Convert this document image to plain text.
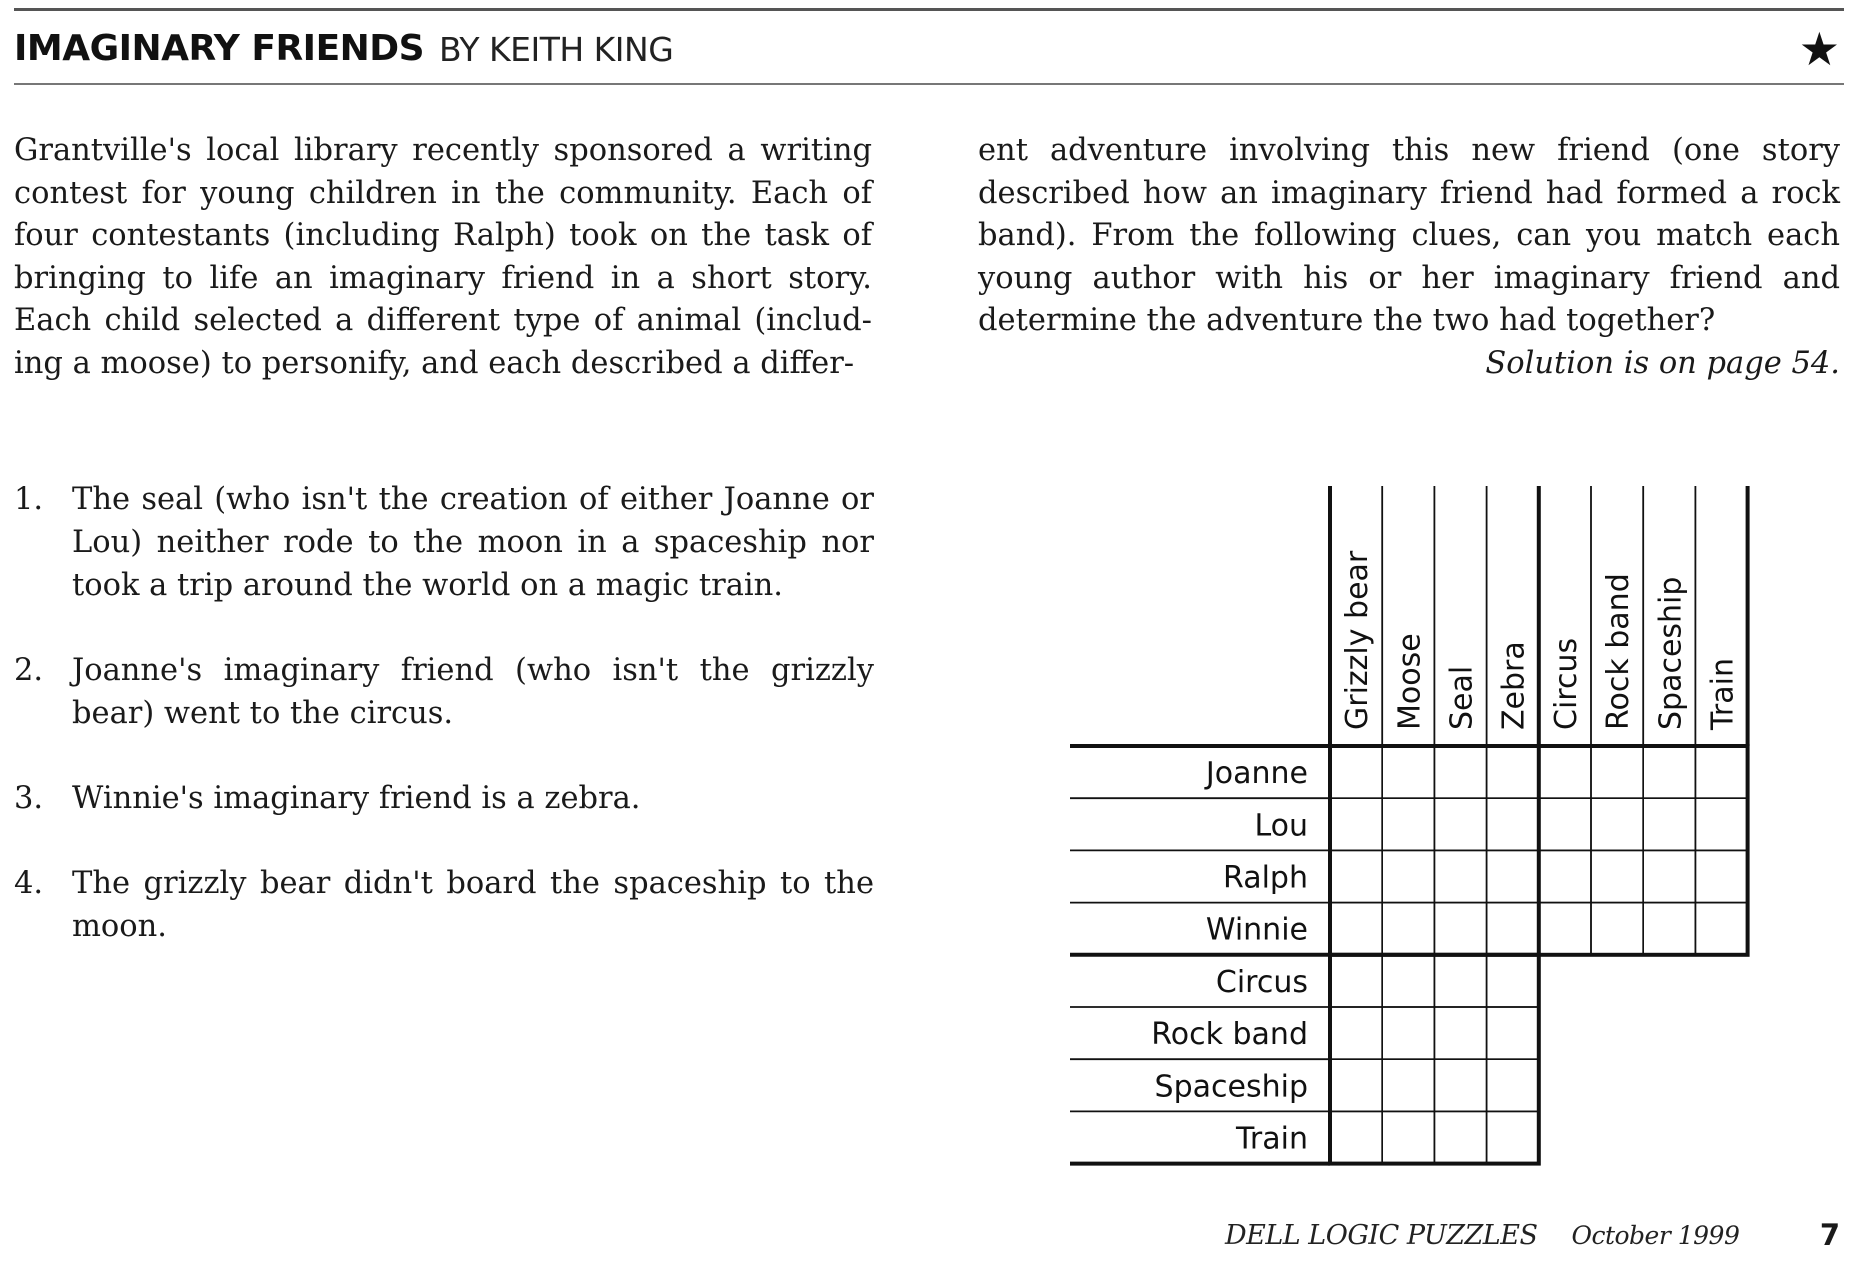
IMAGINARY FRIENDS BY KEITH KING	★

Grantville's local library recently sponsored a writing contest for young children in the community. Each of four contestants (including Ralph) took on the task of bringing to life an imaginary friend in a short story. Each child selected a different type of animal (includ-ing a moose) to personify, and each described a differ-

ent adventure involving this new friend (one story described how an imaginary friend had formed a rock band). From the following clues, can you match each young author with his or her imaginary friend and determine the adventure the two had together?

Solution is on page 54.

1. The seal (who isn't the creation of either Joanne or Lou) neither rode to the moon in a spaceship nor took a trip around the world on a magic train.
2. Joanne's imaginary friend (who isn't the grizzly bear) went to the circus.
3. Winnie's imaginary friend is a zebra.
4. The grizzly bear didn't board the spaceship to the moon.
Grizzly bear Moose Seal Zebra Circus Rock band Spaceship Train
Joanne
Lou
Ralph
Winnie
Circus
Rock band
Spaceship
Train
DELL LOGIC PUZZLES October 1999	7
